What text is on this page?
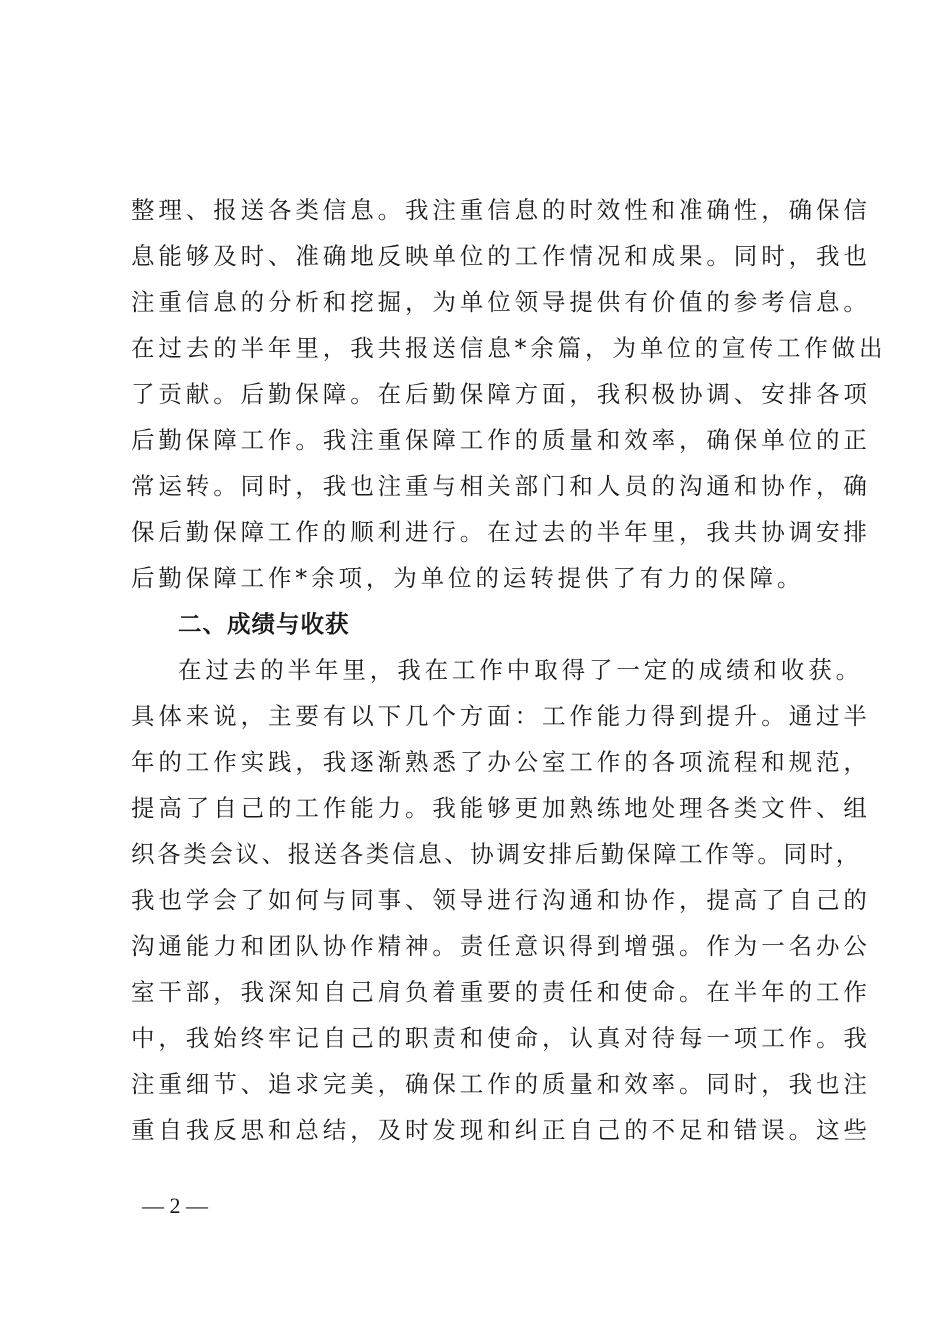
整理、报送各类信息。我注重信息的时效性和准确性，确保信
息能够及时、准确地反映单位的工作情况和成果。同时，我也
注重信息的分析和挖掘，为单位领导提供有价值的参考信息。
在过去的半年里，我共报送信息*余篇，为单位的宣传工作做出
了贡献。后勤保障。在后勤保障方面，我积极协调、安排各项
后勤保障工作。我注重保障工作的质量和效率，确保单位的正
常运转。同时，我也注重与相关部门和人员的沟通和协作，确
保后勤保障工作的顺利进行。在过去的半年里，我共协调安排
后勤保障工作*余项，为单位的运转提供了有力的保障。
二、成绩与收获
在过去的半年里，我在工作中取得了一定的成绩和收获。
具体来说，主要有以下几个方面：工作能力得到提升。通过半
年的工作实践，我逐渐熟悉了办公室工作的各项流程和规范，
提高了自己的工作能力。我能够更加熟练地处理各类文件、组
织各类会议、报送各类信息、协调安排后勤保障工作等。同时，
我也学会了如何与同事、领导进行沟通和协作，提高了自己的
沟通能力和团队协作精神。责任意识得到增强。作为一名办公
室干部，我深知自己肩负着重要的责任和使命。在半年的工作
中，我始终牢记自己的职责和使命，认真对待每一项工作。我
注重细节、追求完美，确保工作的质量和效率。同时，我也注
重自我反思和总结，及时发现和纠正自己的不足和错误。这些
— 2 —
